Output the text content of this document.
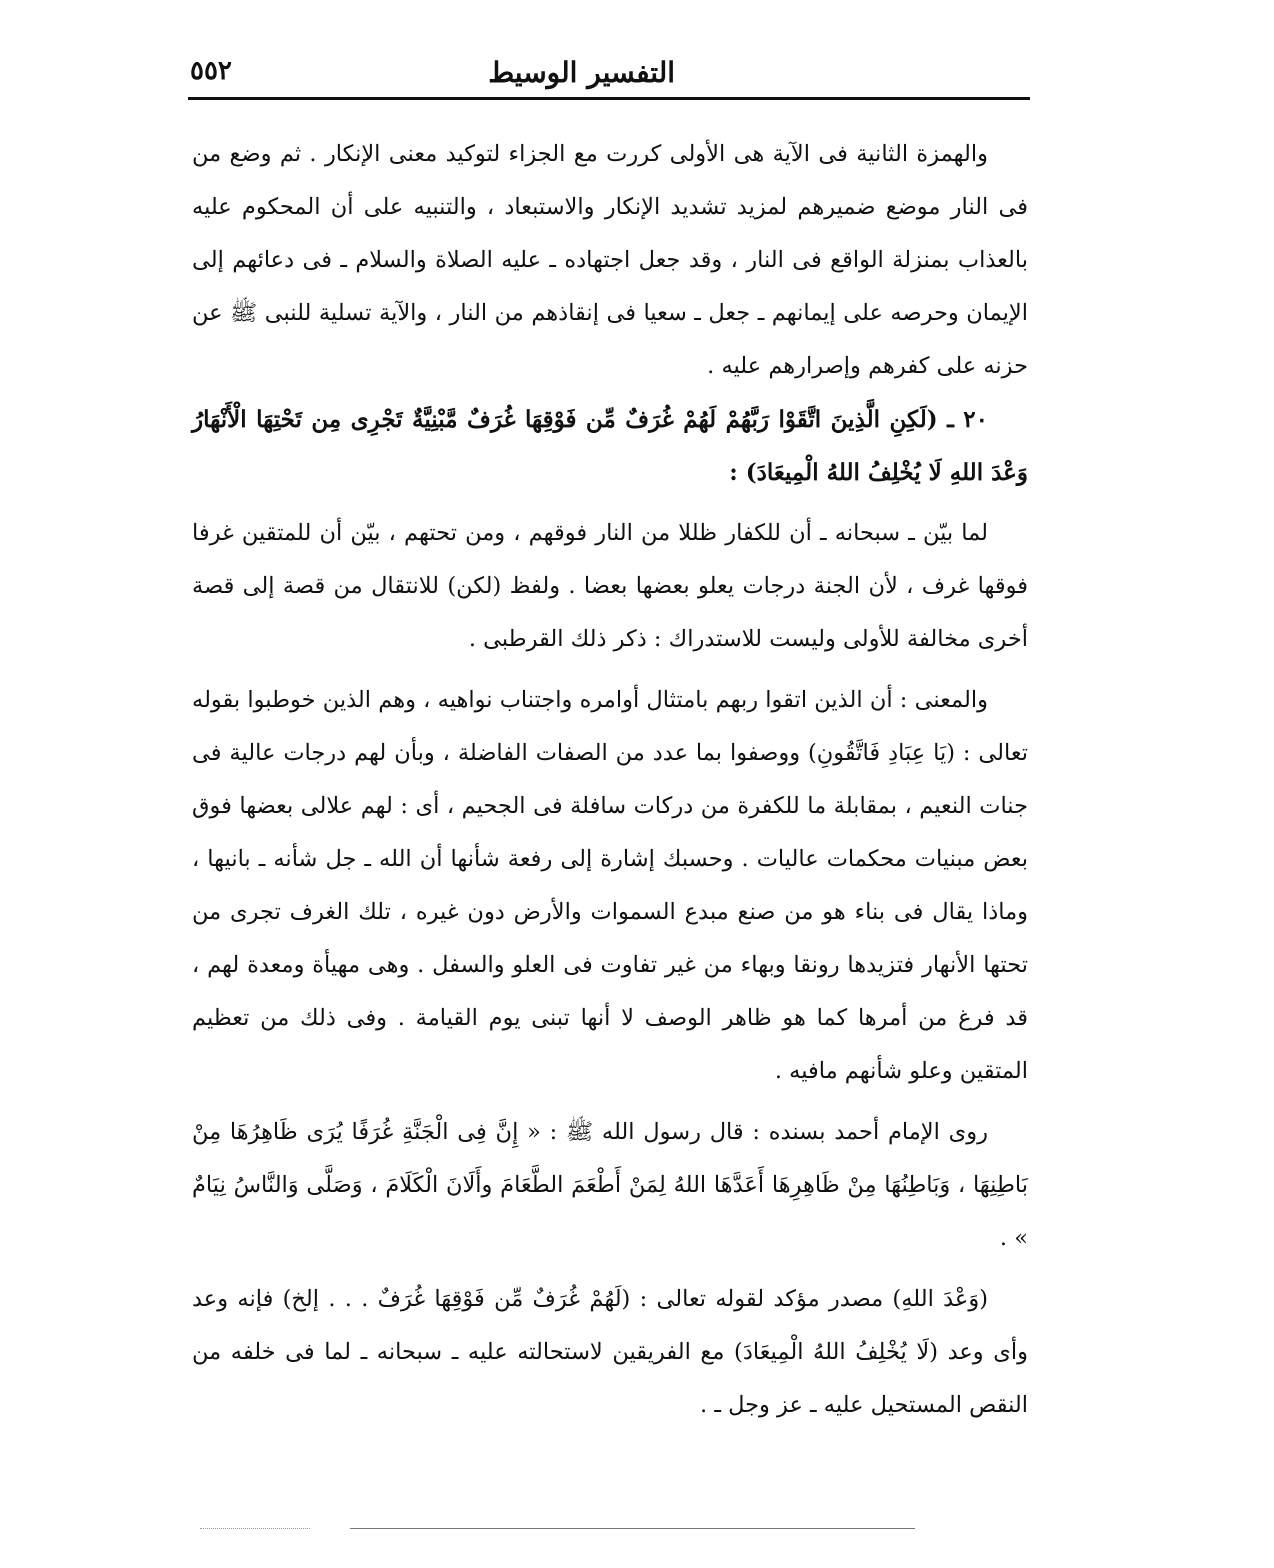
التفسير الوسيط
٥٥٢

والهمزة الثانية فى الآية هى الأولى كررت مع الجزاء لتوكيد معنى الإنكار . ثم وضع من فى النار موضع ضميرهم لمزيد تشديد الإنكار والاستبعاد ، والتنبيه على أن المحكوم عليه بالعذاب بمنزلة الواقع فى النار ، وقد جعل اجتهاده ـ عليه الصلاة والسلام ـ فى دعائهم إلى الإيمان وحرصه على إيمانهم ـ جعل ـ سعيا فى إنقاذهم من النار ، والآية تسلية للنبى ﷺ عن حزنه على كفرهم وإصرارهم عليه .

٢٠ ـ (لَكِنِ الَّذِينَ اتَّقَوْا رَبَّهُمْ لَهُمْ غُرَفٌ مِّن فَوْقِهَا غُرَفٌ مَّبْنِيَّةٌ تَجْرِى مِن تَحْتِهَا الْأَنْهَارُ وَعْدَ اللهِ لَا يُخْلِفُ اللهُ الْمِيعَادَ) :

لما بيّن ـ سبحانه ـ أن للكفار ظللا من النار فوقهم ، ومن تحتهم ، بيّن أن للمتقين غرفا فوقها غرف ، لأن الجنة درجات يعلو بعضها بعضا . ولفظ (لكن) للانتقال من قصة إلى قصة أخرى مخالفة للأولى وليست للاستدراك : ذكر ذلك القرطبى .

والمعنى : أن الذين اتقوا ربهم بامتثال أوامره واجتناب نواهيه ، وهم الذين خوطبوا بقوله تعالى : (يَا عِبَادِ فَاتَّقُونِ) ووصفوا بما عدد من الصفات الفاضلة ، وبأن لهم درجات عالية فى جنات النعيم ، بمقابلة ما للكفرة من دركات سافلة فى الجحيم ، أى : لهم علالى بعضها فوق بعض مبنيات محكمات عاليات . وحسبك إشارة إلى رفعة شأنها أن الله ـ جل شأنه ـ بانيها ، وماذا يقال فى بناء هو من صنع مبدع السموات والأرض دون غيره ، تلك الغرف تجرى من تحتها الأنهار فتزيدها رونقا وبهاء من غير تفاوت فى العلو والسفل . وهى مهيأة ومعدة لهم ، قد فرغ من أمرها كما هو ظاهر الوصف لا أنها تبنى يوم القيامة . وفى ذلك من تعظيم المتقين وعلو شأنهم مافيه .

روى الإمام أحمد بسنده : قال رسول الله ﷺ : « إِنَّ فِى الْجَنَّةِ غُرَفًا يُرَى ظَاهِرُهَا مِنْ بَاطِنِهَا ، وَبَاطِنُهَا مِنْ ظَاهِرِهَا أَعَدَّهَا اللهُ لِمَنْ أَطْعَمَ الطَّعَامَ وأَلَانَ الْكَلَامَ ، وَصَلَّى وَالنَّاسُ نِيَامٌ » .

(وَعْدَ اللهِ) مصدر مؤكد لقوله تعالى : (لَهُمْ غُرَفٌ مِّن فَوْقِهَا غُرَفٌ . . . إلخ) فإنه وعد وأى وعد (لَا يُخْلِفُ اللهُ الْمِيعَادَ) مع الفريقين لاستحالته عليه ـ سبحانه ـ لما فى خلفه من النقص المستحيل عليه ـ عز وجل ـ .
